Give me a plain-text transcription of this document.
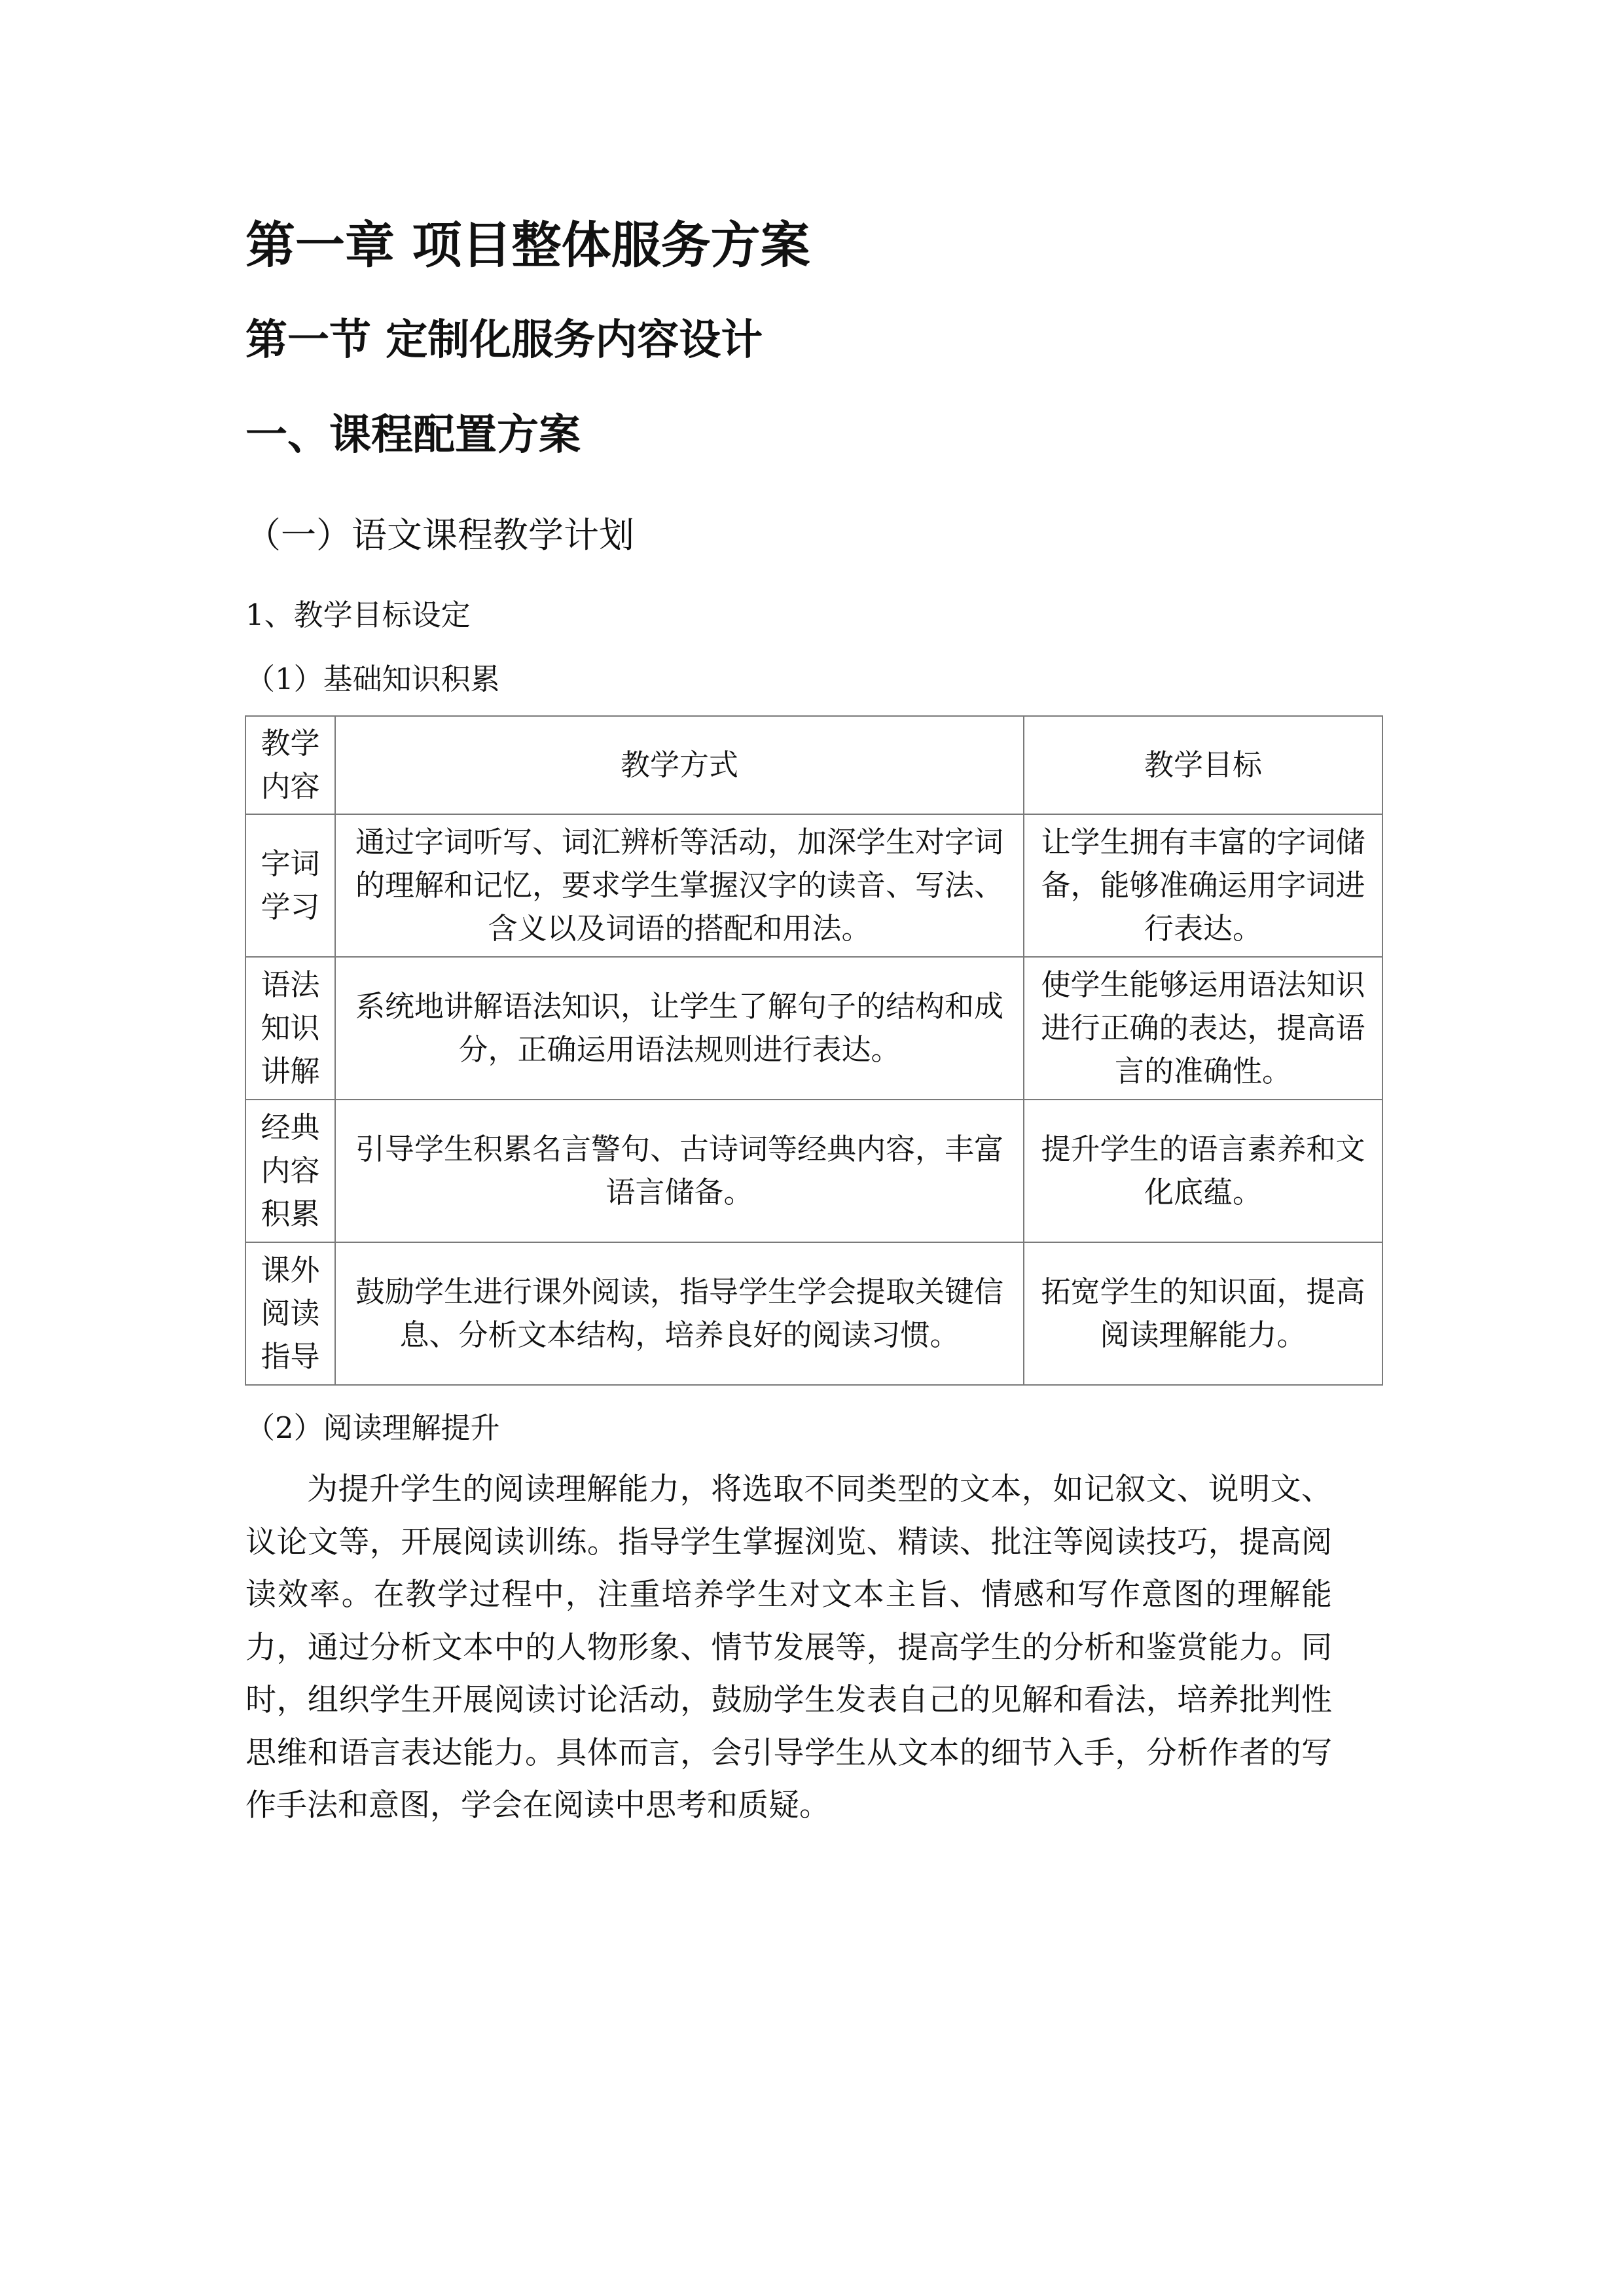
第一章 项目整体服务方案
第一节 定制化服务内容设计
一、课程配置方案
（一）语文课程教学计划
1、教学目标设定
（1）基础知识积累
教学内容	教学方式	教学目标
字词学习	通过字词听写、词汇辨析等活动，加深学生对字词的理解和记忆，要求学生掌握汉字的读音、写法、含义以及词语的搭配和用法。	让学生拥有丰富的字词储备，能够准确运用字词进行表达。
语法知识讲解	系统地讲解语法知识，让学生了解句子的结构和成分，正确运用语法规则进行表达。	使学生能够运用语法知识进行正确的表达，提高语言的准确性。
经典内容积累	引导学生积累名言警句、古诗词等经典内容，丰富语言储备。	提升学生的语言素养和文化底蕴。
课外阅读指导	鼓励学生进行课外阅读，指导学生学会提取关键信息、分析文本结构，培养良好的阅读习惯。	拓宽学生的知识面，提高阅读理解能力。
（2）阅读理解提升

为提升学生的阅读理解能力，将选取不同类型的文本，如记叙文、说明文、议论文等，开展阅读训练。指导学生掌握浏览、精读、批注等阅读技巧，提高阅读效率。在教学过程中，注重培养学生对文本主旨、情感和写作意图的理解能力，通过分析文本中的人物形象、情节发展等，提高学生的分析和鉴赏能力。同时，组织学生开展阅读讨论活动，鼓励学生发表自己的见解和看法，培养批判性思维和语言表达能力。具体而言，会引导学生从文本的细节入手，分析作者的写作手法和意图，学会在阅读中思考和质疑。
